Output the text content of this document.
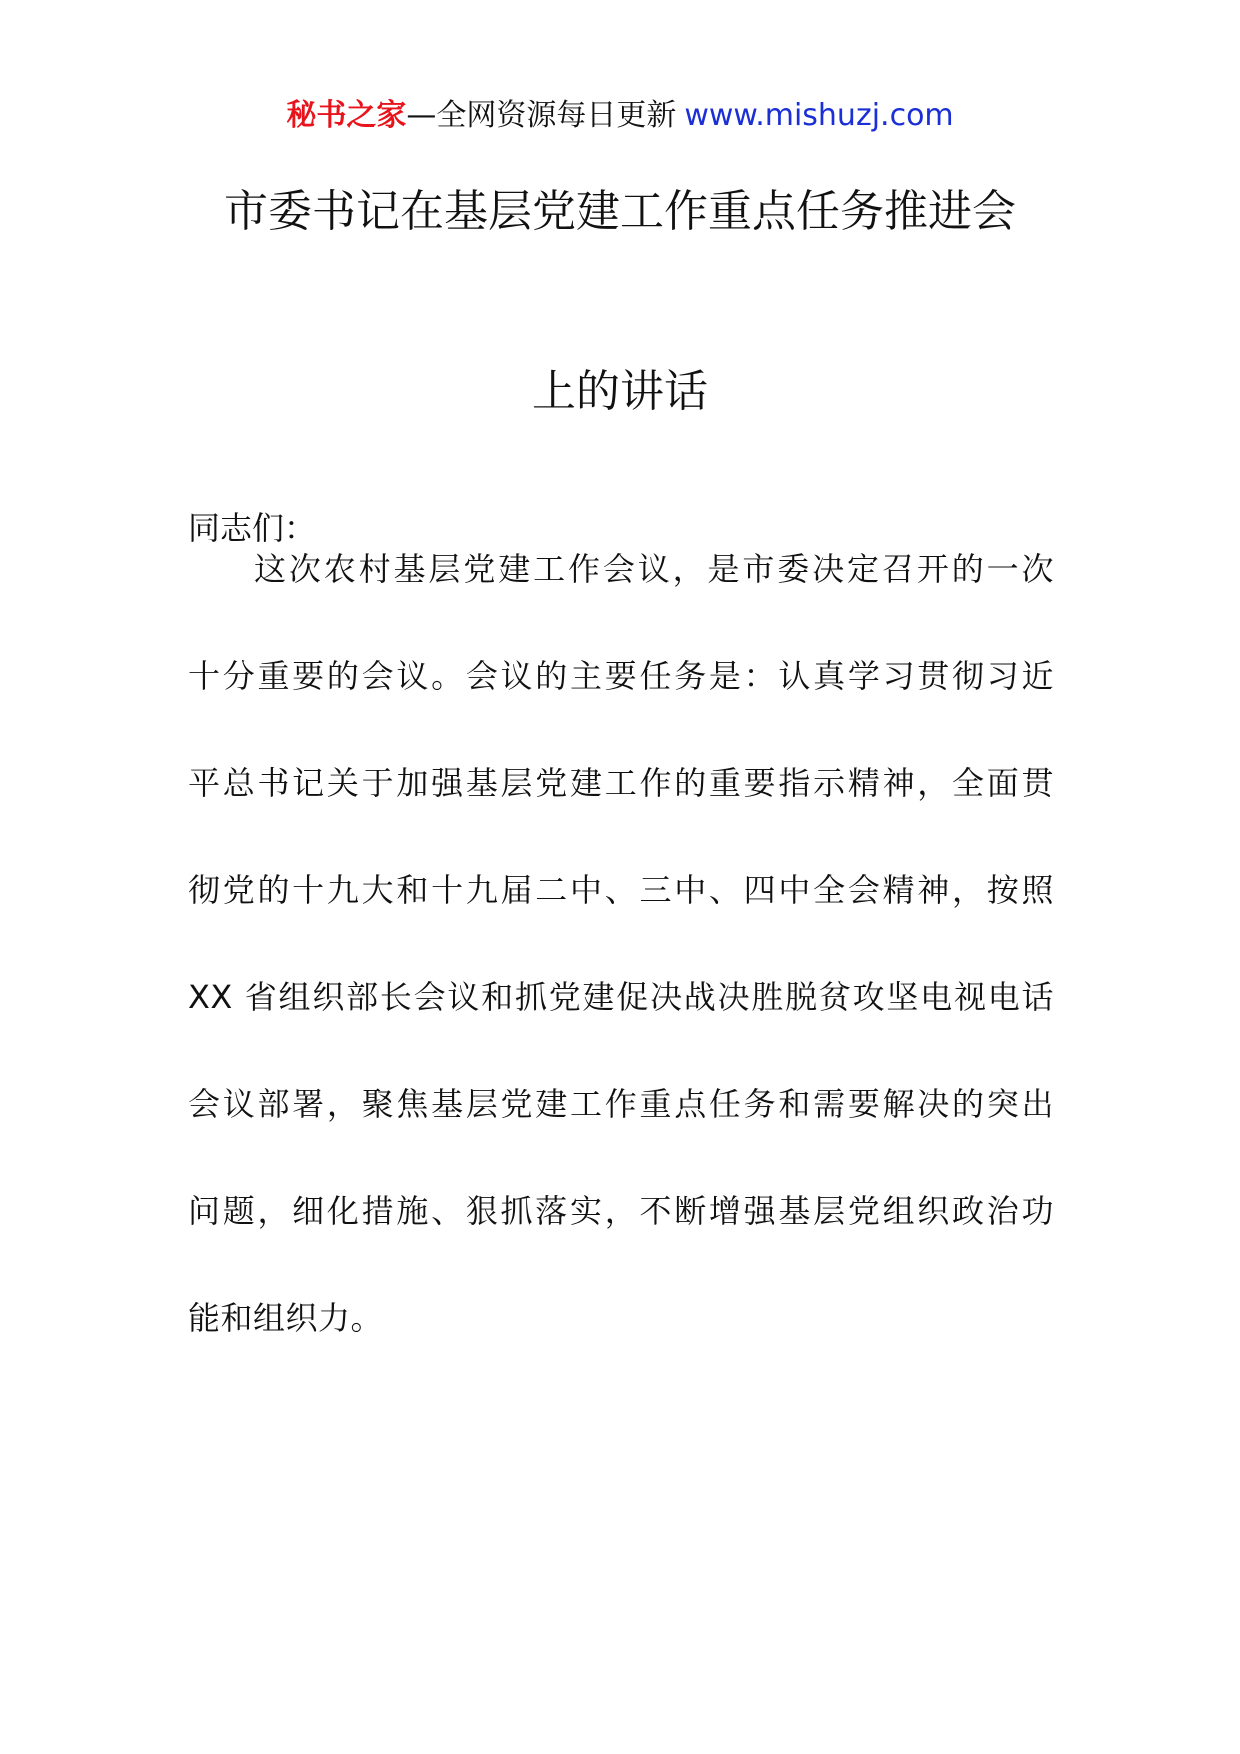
秘书之家—全网资源每日更新 www.mishuzj.com
市委书记在基层党建工作重点任务推进会
上的讲话
同志们：
这次农村基层党建工作会议，是市委决定召开的一次
十分重要的会议。会议的主要任务是：认真学习贯彻习近
平总书记关于加强基层党建工作的重要指示精神，全面贯
彻党的十九大和十九届二中、三中、四中全会精神，按照
XX 省组织部长会议和抓党建促决战决胜脱贫攻坚电视电话
会议部署，聚焦基层党建工作重点任务和需要解决的突出
问题，细化措施、狠抓落实，不断增强基层党组织政治功
能和组织力。
